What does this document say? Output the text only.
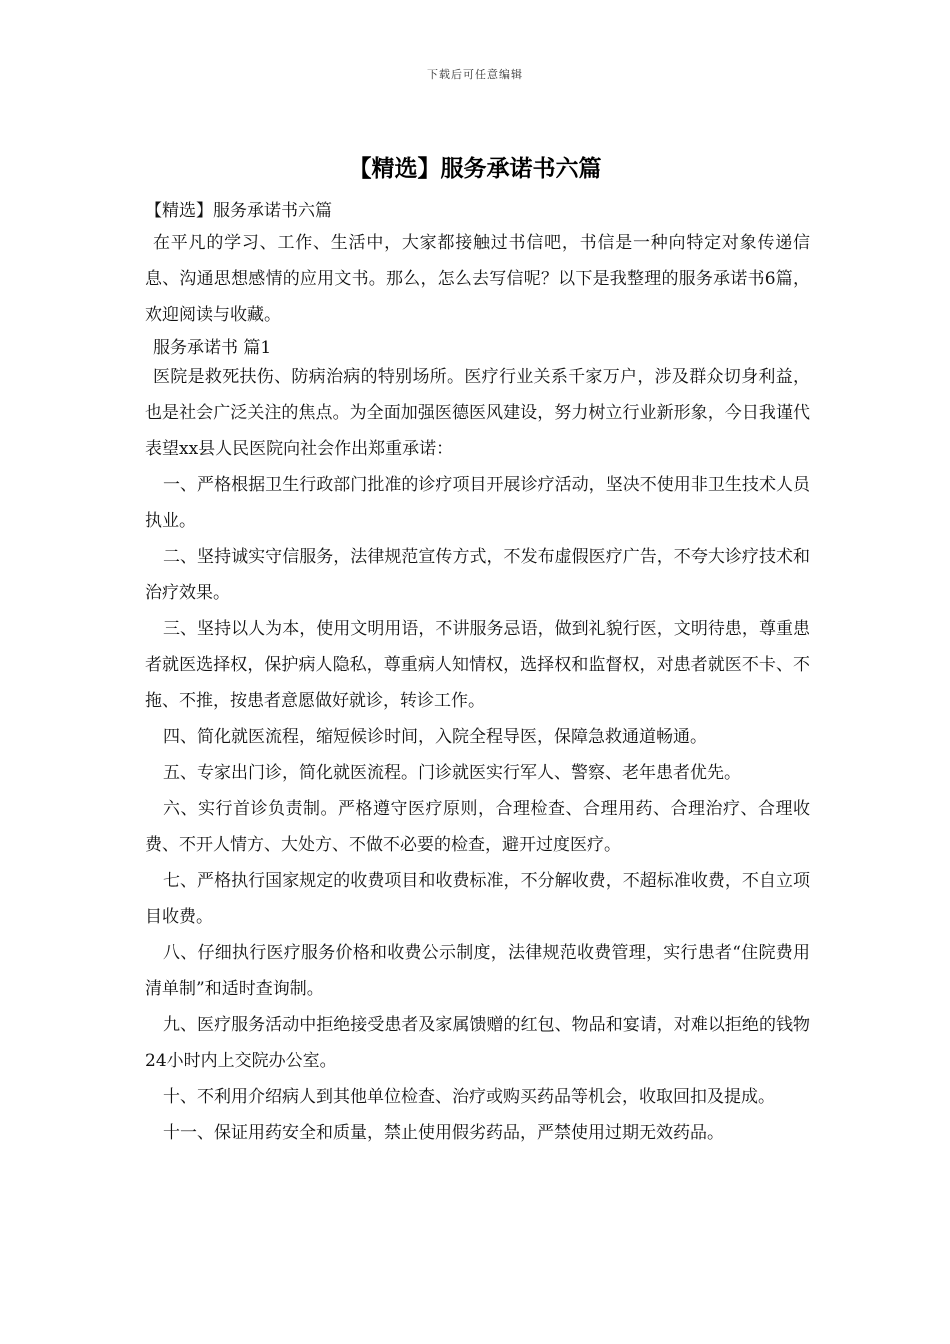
下载后可任意编辑
【精选】服务承诺书六篇

【精选】服务承诺书六篇

在平凡的学习、工作、生活中，大家都接触过书信吧，书信是一种向特定对象传递信息、沟通思想感情的应用文书。那么，怎么去写信呢？以下是我整理的服务承诺书6篇，欢迎阅读与收藏。

服务承诺书 篇1

医院是救死扶伤、防病治病的特别场所。医疗行业关系千家万户，涉及群众切身利益，也是社会广泛关注的焦点。为全面加强医德医风建设，努力树立行业新形象，今日我谨代表望xx县人民医院向社会作出郑重承诺：

一、严格根据卫生行政部门批准的诊疗项目开展诊疗活动，坚决不使用非卫生技术人员执业。

二、坚持诚实守信服务，法律规范宣传方式，不发布虚假医疗广告，不夸大诊疗技术和治疗效果。

三、坚持以人为本，使用文明用语，不讲服务忌语，做到礼貌行医，文明待患，尊重患者就医选择权，保护病人隐私，尊重病人知情权，选择权和监督权，对患者就医不卡、不拖、不推，按患者意愿做好就诊，转诊工作。

四、简化就医流程，缩短候诊时间，入院全程导医，保障急救通道畅通。

五、专家出门诊，简化就医流程。门诊就医实行军人、警察、老年患者优先。

六、实行首诊负责制。严格遵守医疗原则，合理检查、合理用药、合理治疗、合理收费、不开人情方、大处方、不做不必要的检查，避开过度医疗。

七、严格执行国家规定的收费项目和收费标准，不分解收费，不超标准收费，不自立项目收费。

八、仔细执行医疗服务价格和收费公示制度，法律规范收费管理，实行患者“住院费用清单制”和适时查询制。

九、医疗服务活动中拒绝接受患者及家属馈赠的红包、物品和宴请，对难以拒绝的钱物24小时内上交院办公室。

十、不利用介绍病人到其他单位检查、治疗或购买药品等机会，收取回扣及提成。

十一、保证用药安全和质量，禁止使用假劣药品，严禁使用过期无效药品。
